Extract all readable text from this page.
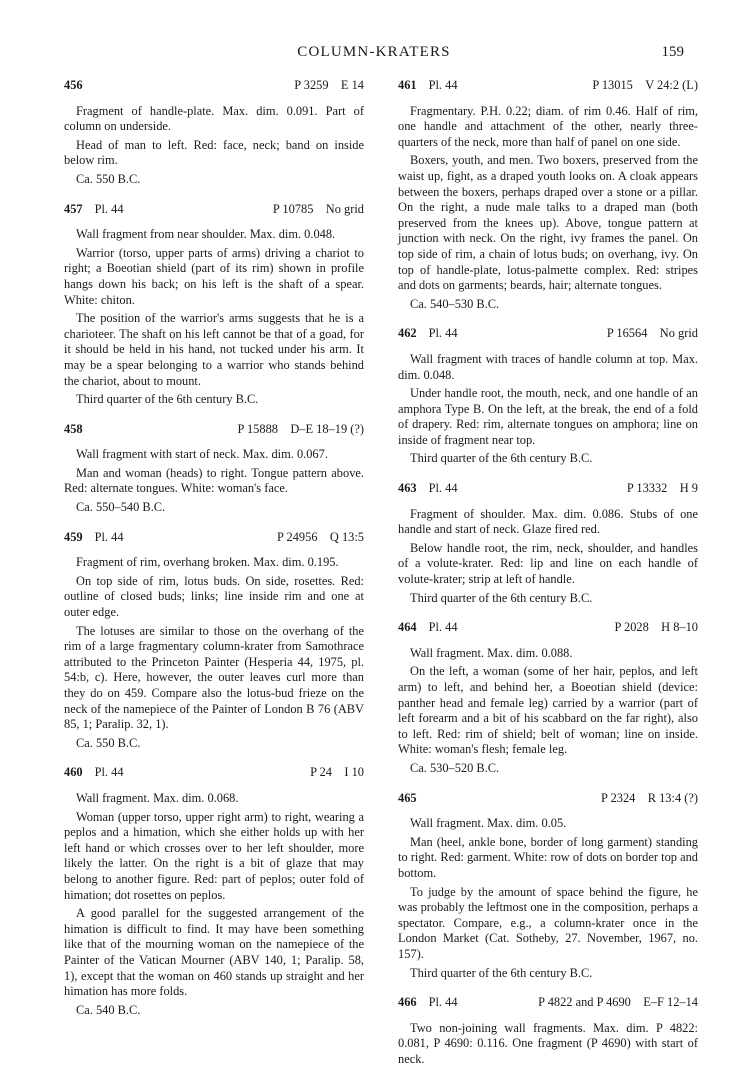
COLUMN-KRATERS	159
456	P 3259 E 14

Fragment of handle-plate. Max. dim. 0.091. Part of column on underside.

Head of man to left. Red: face, neck; band on inside below rim.

Ca. 550 B.C.

457 Pl. 44	P 10785 No grid

Wall fragment from near shoulder. Max. dim. 0.048.

Warrior (torso, upper parts of arms) driving a chariot to right; a Boeotian shield (part of its rim) shown in profile hangs down his back; on his left is the shaft of a spear. White: chiton.

The position of the warrior's arms suggests that he is a charioteer. The shaft on his left cannot be that of a goad, for it should be held in his hand, not tucked under his arm. It may be a spear belonging to a warrior who stands behind the chariot, about to mount.

Third quarter of the 6th century B.C.

458	P 15888 D–E 18–19 (?)

Wall fragment with start of neck. Max. dim. 0.067.

Man and woman (heads) to right. Tongue pattern above. Red: alternate tongues. White: woman's face.

Ca. 550–540 B.C.

459 Pl. 44	P 24956 Q 13:5

Fragment of rim, overhang broken. Max. dim. 0.195.

On top side of rim, lotus buds. On side, rosettes. Red: outline of closed buds; links; line inside rim and one at outer edge.

The lotuses are similar to those on the overhang of the rim of a large fragmentary column-krater from Samothrace attributed to the Princeton Painter (Hesperia 44, 1975, pl. 54:b, c). Here, however, the outer leaves curl more than they do on 459. Compare also the lotus-bud frieze on the neck of the namepiece of the Painter of London B 76 (ABV 85, 1; Paralip. 32, 1).

Ca. 550 B.C.

460 Pl. 44	P 24 I 10

Wall fragment. Max. dim. 0.068.

Woman (upper torso, upper right arm) to right, wearing a peplos and a himation, which she either holds up with her left hand or which crosses over to her left shoulder, more likely the latter. On the right is a bit of glaze that may belong to another figure. Red: part of peplos; outer fold of himation; dot rosettes on peplos.

A good parallel for the suggested arrangement of the himation is difficult to find. It may have been something like that of the mourning woman on the namepiece of the Painter of the Vatican Mourner (ABV 140, 1; Paralip. 58, 1), except that the woman on 460 stands up straight and her himation has more folds.

Ca. 540 B.C.

461 Pl. 44	P 13015 V 24:2 (L)

Fragmentary. P.H. 0.22; diam. of rim 0.46. Half of rim, one handle and attachment of the other, nearly three-quarters of the neck, more than half of panel on one side.

Boxers, youth, and men. Two boxers, preserved from the waist up, fight, as a draped youth looks on. A cloak appears between the boxers, perhaps draped over a stone or a pillar. On the right, a nude male talks to a draped man (both preserved from the knees up). Above, tongue pattern at junction with neck. On the right, ivy frames the panel. On top side of rim, a chain of lotus buds; on overhang, ivy. On top of handle-plate, lotus-palmette complex. Red: stripes and dots on garments; beards, hair; alternate tongues.

Ca. 540–530 B.C.

462 Pl. 44	P 16564 No grid

Wall fragment with traces of handle column at top. Max. dim. 0.048.

Under handle root, the mouth, neck, and one handle of an amphora Type B. On the left, at the break, the end of a fold of drapery. Red: rim, alternate tongues on amphora; line on inside of fragment near top.

Third quarter of the 6th century B.C.

463 Pl. 44	P 13332 H 9

Fragment of shoulder. Max. dim. 0.086. Stubs of one handle and start of neck. Glaze fired red.

Below handle root, the rim, neck, shoulder, and handles of a volute-krater. Red: lip and line on each handle of volute-krater; strip at left of handle.

Third quarter of the 6th century B.C.

464 Pl. 44	P 2028 H 8–10

Wall fragment. Max. dim. 0.088.

On the left, a woman (some of her hair, peplos, and left arm) to left, and behind her, a Boeotian shield (device: panther head and female leg) carried by a warrior (part of left forearm and a bit of his scabbard on the far right), also to left. Red: rim of shield; belt of woman; line on inside. White: woman's flesh; female leg.

Ca. 530–520 B.C.

465	P 2324 R 13:4 (?)

Wall fragment. Max. dim. 0.05.

Man (heel, ankle bone, border of long garment) standing to right. Red: garment. White: row of dots on border top and bottom.

To judge by the amount of space behind the figure, he was probably the leftmost one in the composition, perhaps a spectator. Compare, e.g., a column-krater once in the London Market (Cat. Sotheby, 27. November, 1967, no. 157).

Third quarter of the 6th century B.C.

466 Pl. 44	P 4822 and P 4690 E–F 12–14

Two non-joining wall fragments. Max. dim. P 4822: 0.081, P 4690: 0.116. One fragment (P 4690) with start of neck.
